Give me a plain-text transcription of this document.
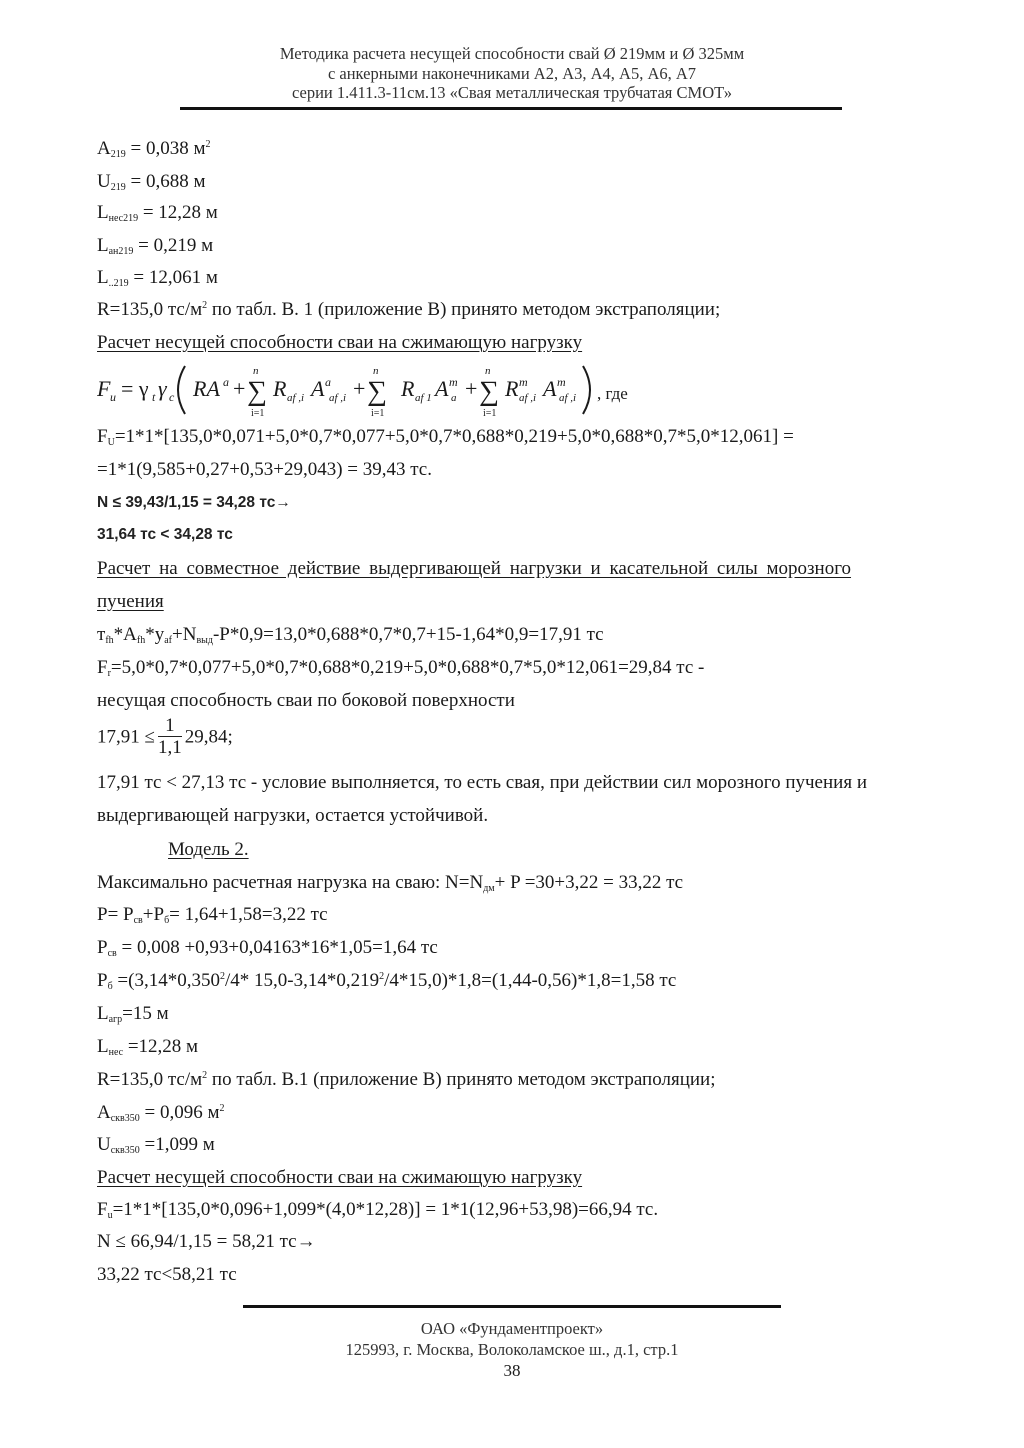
Методика расчета несущей способности свай Ø 219мм и Ø 325мм
с анкерными наконечниками А2, А3, А4, А5, А6, А7
серии 1.411.3-11см.13 «Свая металлическая трубчатая СМОТ»
$A_{219} = 0,038$ $м^2$
$U_{219} = 0,688$ м
$L_{нес219} = 12,28$ м
$L_{ан219} = 0,219$ м
$L_{..219} = 12,061$ м
R=135,0 $тс/м^2$ по табл. В. 1 (приложение В) принято методом экстраполяции;
Расчет несущей способности сваи на сжимающую нагрузку
F u = γ t γ c RA a +
n
∑
i=1
R af ,i A a
af ,i +
n
∑
i=1
R af 1 A m
a +
n
∑
i=1
R m
af ,i A m
af ,i , где
$F_U=1*1*[135,0*0,071+5,0*0,7*0,077+5,0*0,7*0,688*0,219+5,0*0,688*0,7*5,0*12,061]$ =
=1*1(9,585+0,27+0,53+29,043) = 39,43 тс.
N ≤ 39,43/1,15 = 34,28 тс→
31,64 тс < 34,28 тс
Расчет на совместное действие выдергивающей нагрузки и касательной силы морозного
пучения
$т_{fh}*A_{fh}*у_{af}+N_{выд}-P*0,9=13,0*0,688*0,7*0,7+15-1,64*0,9=17,91$ тс
$F_r=5,0*0,7*0,077+5,0*0,7*0,688*0,219+5,0*0,688*0,7*5,0*12,061=29,84$ тс -
несущая способность сваи по боковой поверхности
$17,91 \le \frac{1}{1,1} 29,84$;
17,91 тс < 27,13 тс - условие выполняется, то есть свая, при действии сил морозного пучения и
выдергивающей нагрузки, остается устойчивой.
Модель 2.
Максимально расчетная нагрузка на сваю: $N=N_{дм}+ P =30+3,22 = 33,22$ тс
$P= P_{св}+P_б= 1,64+1,58=3,22$ тс
$P_{св} = 0,008 +0,93+0,04163*16*1,05=1,64$ тс
$P_б =(3,14*0,350^2/4*$ $15,0-3,14*0,219^2/4*15,0)*1,8=(1,44-0,56)*1,8=1,58$ тс
$L_{агр}=15$ м
$L_{нес} =12,28$ м
R=135,0 $тс/м^2$ по табл. В.1 (приложение В) принято методом экстраполяции;
$A_{скв350} = 0,096$ $м^2$
$U_{скв350} =1,099$ м
Расчет несущей способности сваи на сжимающую нагрузку
$F_u=1*1*[135,0*0,096+1,099*(4,0*12,28)] = 1*1(12,96+53,98)=66,94$ тс.
N ≤ 66,94/1,15 = 58,21 тс→
33,22 тс<58,21 тс
ОАО «Фундаментпроект»
125993, г. Москва, Волоколамское ш., д.1, стр.1
38
